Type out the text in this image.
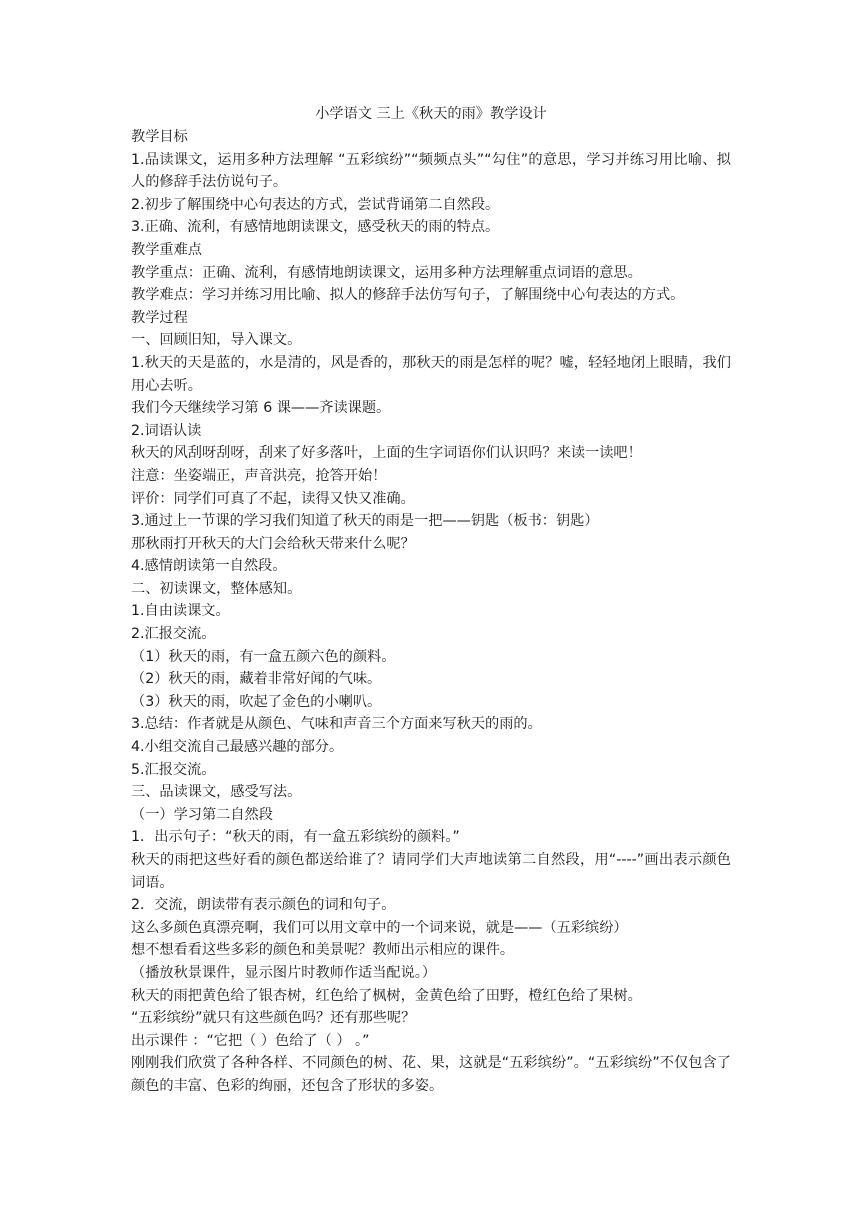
小学语文 三上《秋天的雨》教学设计
教学目标
1.品读课文，运用多种方法理解 “五彩缤纷”“频频点头”“勾住”的意思，学习并练习用比喻、拟人的修辞手法仿说句子。
2.初步了解围绕中心句表达的方式，尝试背诵第二自然段。
3.正确、流利，有感情地朗读课文，感受秋天的雨的特点。
教学重难点
教学重点：正确、流利，有感情地朗读课文，运用多种方法理解重点词语的意思。
教学难点：学习并练习用比喻、拟人的修辞手法仿写句子，了解围绕中心句表达的方式。
教学过程
一、回顾旧知，导入课文。
1.秋天的天是蓝的，水是清的，风是香的，那秋天的雨是怎样的呢？嘘，轻轻地闭上眼睛，我们用心去听。
我们今天继续学习第 6 课——齐读课题。
2.词语认读
秋天的风刮呀刮呀，刮来了好多落叶，上面的生字词语你们认识吗？来读一读吧！
注意：坐姿端正，声音洪亮，抢答开始！
评价：同学们可真了不起，读得又快又准确。
3.通过上一节课的学习我们知道了秋天的雨是一把——钥匙（板书：钥匙）
那秋雨打开秋天的大门会给秋天带来什么呢？
4.感情朗读第一自然段。
二、初读课文，整体感知。
1.自由读课文。
2.汇报交流。
（1）秋天的雨，有一盒五颜六色的颜料。
（2）秋天的雨，藏着非常好闻的气味。
（3）秋天的雨，吹起了金色的小喇叭。
3.总结：作者就是从颜色、气味和声音三个方面来写秋天的雨的。
4.小组交流自己最感兴趣的部分。
5.汇报交流。
三、品读课文，感受写法。
（一）学习第二自然段
1．出示句子：“秋天的雨，有一盒五彩缤纷的颜料。”
秋天的雨把这些好看的颜色都送给谁了？请同学们大声地读第二自然段，用“----”画出表示颜色词语。
2．交流，朗读带有表示颜色的词和句子。
这么多颜色真漂亮啊，我们可以用文章中的一个词来说，就是——（五彩缤纷）
想不想看看这些多彩的颜色和美景呢？教师出示相应的课件。
（播放秋景课件，显示图片时教师作适当配说。）
秋天的雨把黄色给了银杏树，红色给了枫树，金黄色给了田野，橙红色给了果树。
“五彩缤纷”就只有这些颜色吗？还有那些呢？
出示课件 ：“它把（ ）色给了（ ） 。”
刚刚我们欣赏了各种各样、不同颜色的树、花、果，这就是“五彩缤纷”。“五彩缤纷”不仅包含了颜色的丰富、色彩的绚丽，还包含了形状的多姿。
